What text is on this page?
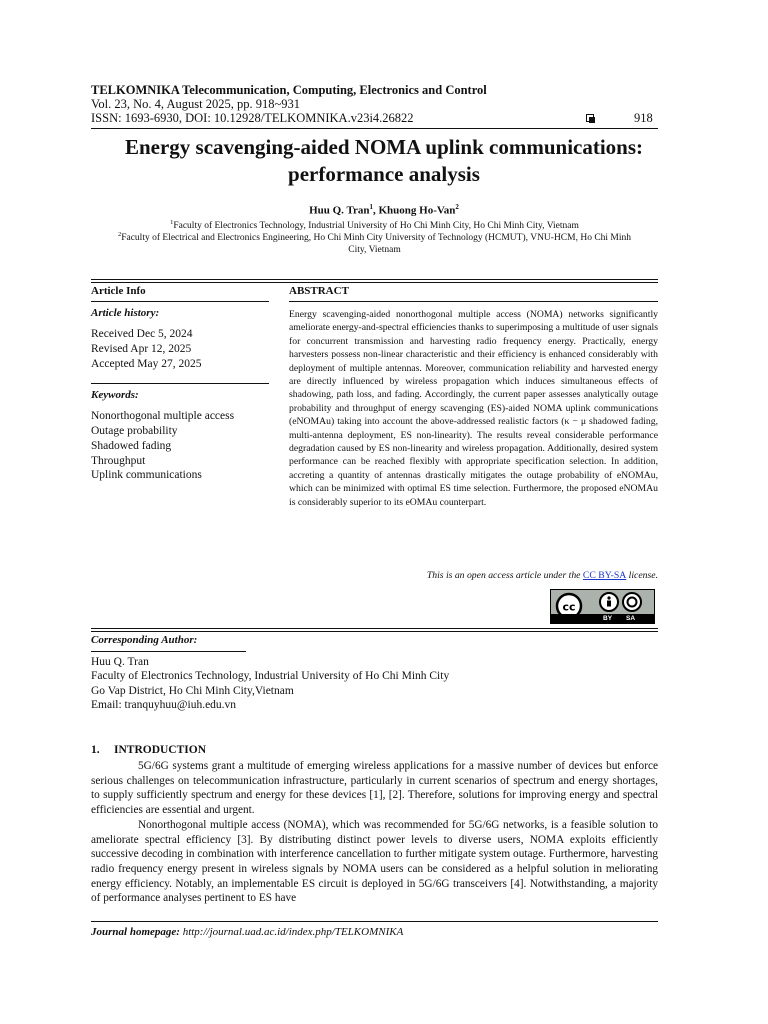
TELKOMNIKA Telecommunication, Computing, Electronics and Control
Vol. 23, No. 4, August 2025, pp. 918~931
ISSN: 1693-6930, DOI: 10.12928/TELKOMNIKA.v23i4.26822	918
Energy scavenging-aided NOMA uplink communications:
performance analysis
Huu Q. Tran$^1$, Khuong Ho-Van$^2$
$^1$Faculty of Electronics Technology, Industrial University of Ho Chi Minh City, Ho Chi Minh City, Vietnam
$^2$Faculty of Electrical and Electronics Engineering, Ho Chi Minh City University of Technology (HCMUT), VNU-HCM, Ho Chi Minh
City, Vietnam
Article Info
Article history:
Received Dec 5, 2024
Revised Apr 12, 2025
Accepted May 27, 2025
Keywords:
Nonorthogonal multiple access
Outage probability
Shadowed fading
Throughput
Uplink communications
ABSTRACT
Energy scavenging-aided nonorthogonal multiple access (NOMA) networks significantly ameliorate energy-and-spectral efficiencies thanks to superimposing a multitude of user signals for concurrent transmission and harvesting radio frequency energy. Practically, energy harvesters possess non-linear characteristic and their efficiency is enhanced considerably with deployment of multiple antennas. Moreover, communication reliability and harvested energy are directly influenced by wireless propagation which induces simultaneous effects of shadowing, path loss, and fading. Accordingly, the current paper assesses analytically outage probability and throughput of energy scavenging (ES)-aided NOMA uplink communications (eNOMAu) taking into account the above-addressed realistic factors (κ − μ shadowed fading, multi-antenna deployment, ES non-linearity). The results reveal considerable performance degradation caused by ES non-linearity and wireless propagation. Additionally, desired system performance can be reached flexibly with appropriate specification selection. In addition, accreting a quantity of antennas drastically mitigates the outage probability of eNOMAu, which can be minimized with optimal ES time selection. Furthermore, the proposed eNOMAu is considerably superior to its eOMAu counterpart.
This is an open access article under the CC BY-SA license.
cc
BY SA
Corresponding Author:
Huu Q. Tran
Faculty of Electronics Technology, Industrial University of Ho Chi Minh City
Go Vap District, Ho Chi Minh City,Vietnam
Email: tranquyhuu@iuh.edu.vn
1. INTRODUCTION

5G/6G systems grant a multitude of emerging wireless applications for a massive number of devices but enforce serious challenges on telecommunication infrastructure, particularly in current scenarios of spectrum and energy shortages, to supply sufficiently spectrum and energy for these devices [1], [2]. Therefore, solutions for improving energy and spectral efficiencies are essential and urgent.

Nonorthogonal multiple access (NOMA), which was recommended for 5G/6G networks, is a feasible solution to ameliorate spectral efficiency [3]. By distributing distinct power levels to diverse users, NOMA exploits efficiently successive decoding in combination with interference cancellation to further mitigate system outage. Furthermore, harvesting radio frequency energy present in wireless signals by NOMA users can be considered as a helpful solution in meliorating energy efficiency. Notably, an implementable ES circuit is deployed in 5G/6G transceivers [4]. Notwithstanding, a majority of performance analyses pertinent to ES have

Journal homepage: http://journal.uad.ac.id/index.php/TELKOMNIKA
